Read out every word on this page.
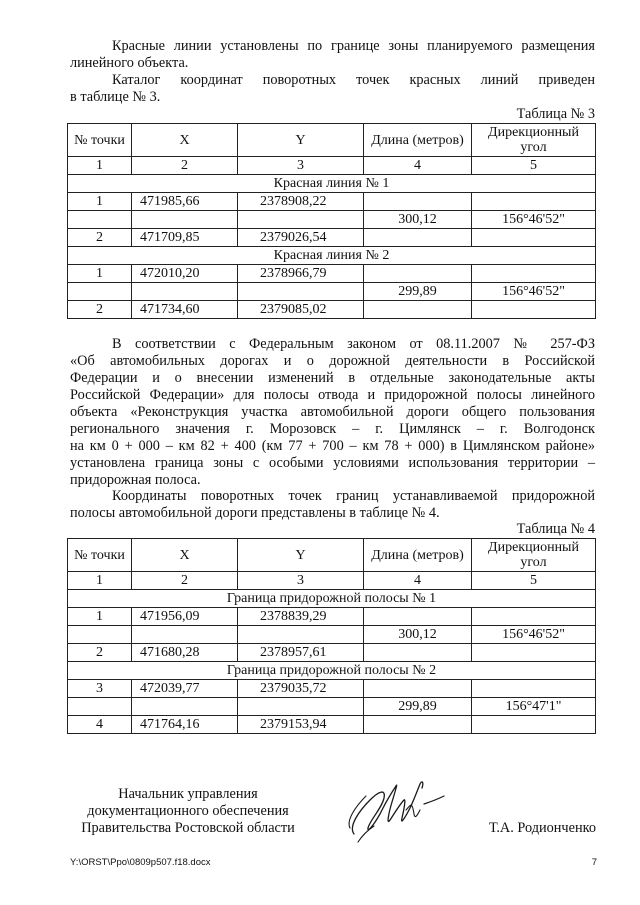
Красные линии установлены по границе зоны планируемого размещения
линейного объекта.
Каталог координат поворотных точек красных линий приведен
в таблице № 3.
Таблица № 3
№ точки	X	Y	Длина (метров)	Дирекционный угол
1	2	3	4	5
Красная линия № 1				
1	471985,66	2378908,22		
			300,12	156°46'52"
2	471709,85	2379026,54		
Красная линия № 2				
1	472010,20	2378966,79		
			299,89	156°46'52"
2	471734,60	2379085,02		
В соответствии с Федеральным законом от 08.11.2007 № 257-ФЗ
«Об автомобильных дорогах и о дорожной деятельности в Российской
Федерации и о внесении изменений в отдельные законодательные акты
Российской Федерации» для полосы отвода и придорожной полосы линейного
объекта «Реконструкция участка автомобильной дороги общего пользования
регионального значения г. Морозовск – г. Цимлянск – г. Волгодонск
на км 0 + 000 – км 82 + 400 (км 77 + 700 – км 78 + 000) в Цимлянском районе»
установлена граница зоны с особыми условиями использования территории –
придорожная полоса.
Координаты поворотных точек границ устанавливаемой придорожной
полосы автомобильной дороги представлены в таблице № 4.
Таблица № 4
№ точки	X	Y	Длина (метров)	Дирекционный угол
1	2	3	4	5
Граница придорожной полосы № 1				
1	471956,09	2378839,29		
			300,12	156°46'52"
2	471680,28	2378957,61		
Граница придорожной полосы № 2				
3	472039,77	2379035,72		
			299,89	156°47'1"
4	471764,16	2379153,94		
Начальник управления
документационного обеспечения
Правительства Ростовской области	Т.А. Родионченко
Y:\ORST\Ppo\0809p507.f18.docx	7
